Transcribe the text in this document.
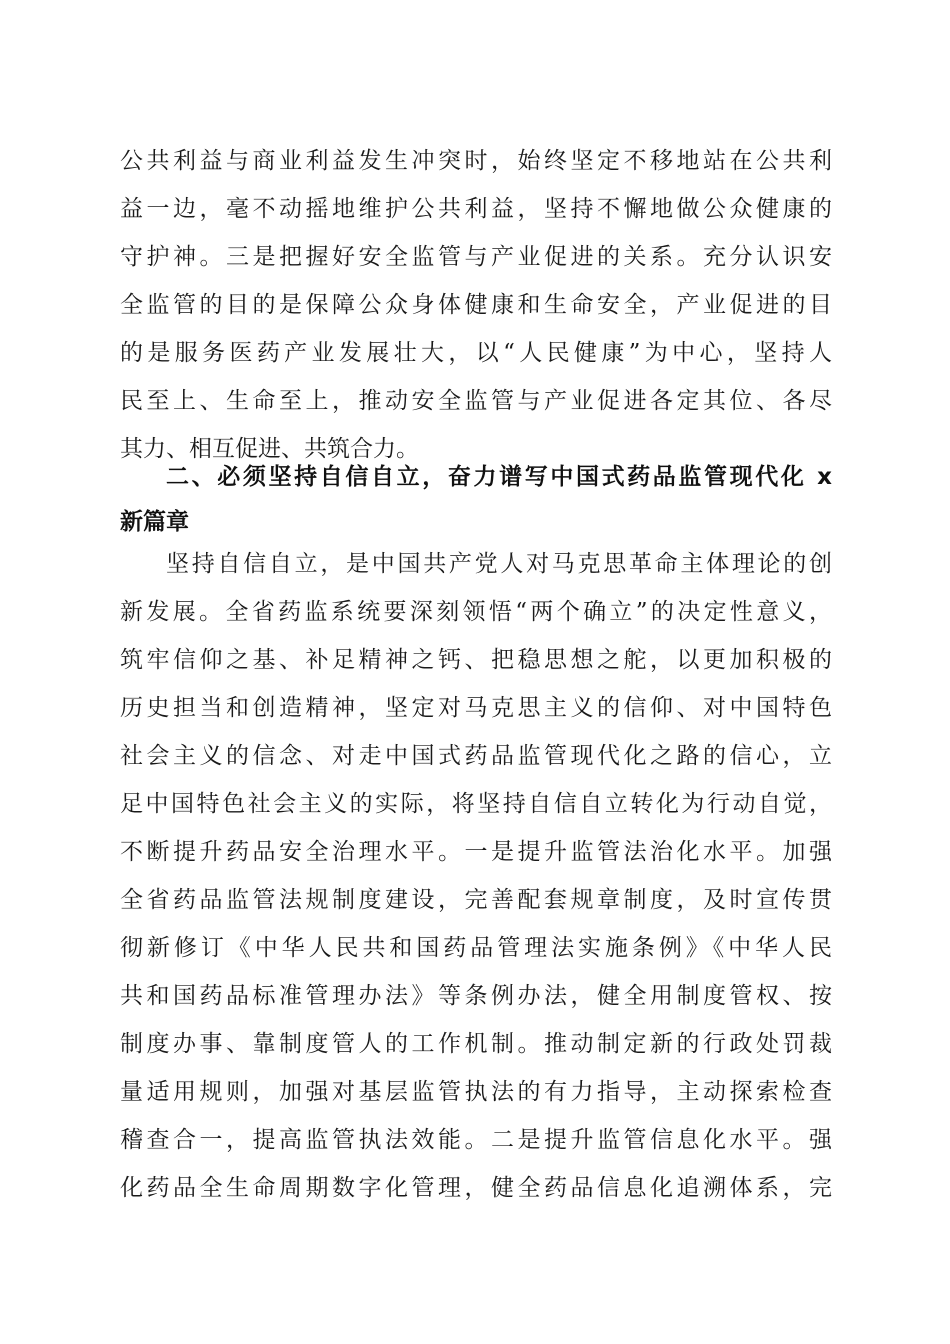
公共利益与商业利益发生冲突时，始终坚定不移地站在公共利
益一边，毫不动摇地维护公共利益，坚持不懈地做公众健康的
守护神。三是把握好安全监管与产业促进的关系。充分认识安
全监管的目的是保障公众身体健康和生命安全，产业促进的目
的是服务医药产业发展壮大，以“人民健康”为中心，坚持人
民至上、生命至上，推动安全监管与产业促进各定其位、各尽
其力、相互促进、共筑合力。
二、必须坚持自信自立，奋力谱写中国式药品监管现代化 x
新篇章
坚持自信自立，是中国共产党人对马克思革命主体理论的创
新发展。全省药监系统要深刻领悟“两个确立”的决定性意义，
筑牢信仰之基、补足精神之钙、把稳思想之舵，以更加积极的
历史担当和创造精神，坚定对马克思主义的信仰、对中国特色
社会主义的信念、对走中国式药品监管现代化之路的信心，立
足中国特色社会主义的实际，将坚持自信自立转化为行动自觉，
不断提升药品安全治理水平。一是提升监管法治化水平。加强
全省药品监管法规制度建设，完善配套规章制度，及时宣传贯
彻新修订《中华人民共和国药品管理法实施条例》《中华人民
共和国药品标准管理办法》等条例办法，健全用制度管权、按
制度办事、靠制度管人的工作机制。推动制定新的行政处罚裁
量适用规则，加强对基层监管执法的有力指导，主动探索检查
稽查合一，提高监管执法效能。二是提升监管信息化水平。强
化药品全生命周期数字化管理，健全药品信息化追溯体系，完
